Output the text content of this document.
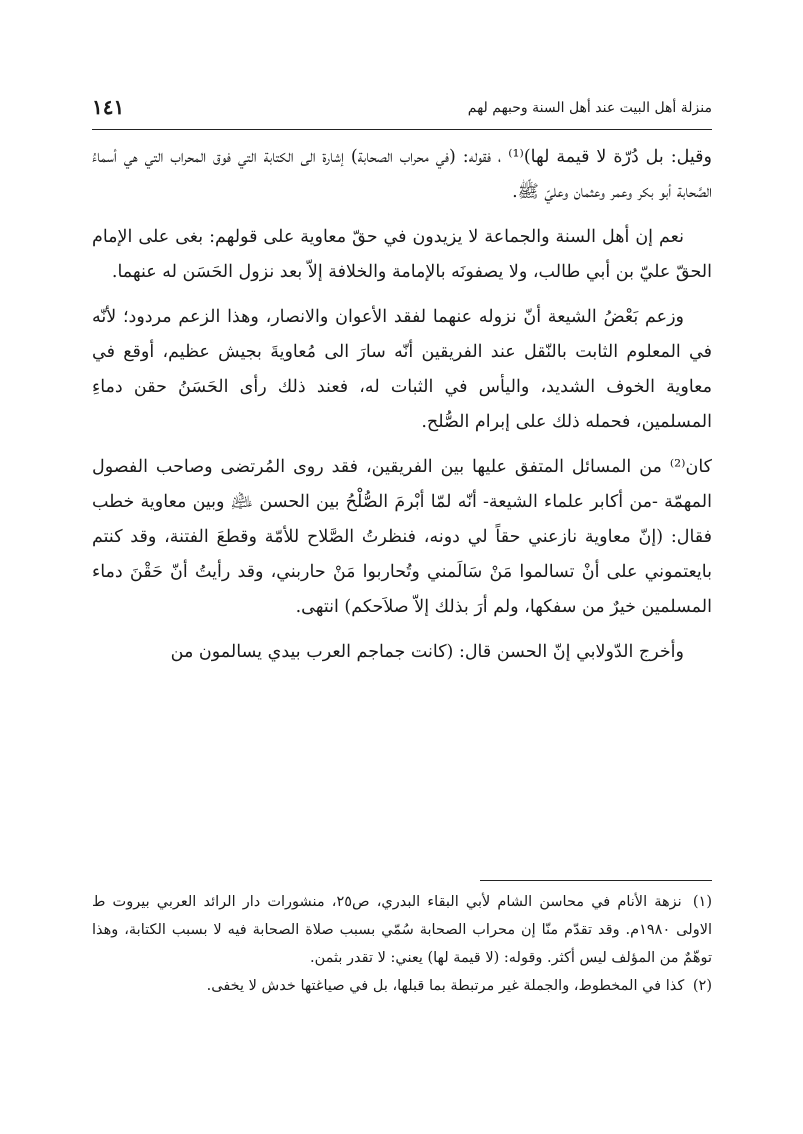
منزلة أهل البيت عند أهل السنة وحبهم لهم
١٤١

وقيل: بل دُرّة لا قيمة لها)⁽¹⁾ ، فقوله: (في محراب الصحابة) إشارة الى الكتابة التي فوق المحراب التي هي أسماءُ الصَّحابة أبو بكر وعمر وعثمان وعليّ ﷺ.

نعم إن أهل السنة والجماعة لا يزيدون في حقّ معاوية على قولهم: بغى على الإمام الحقّ عليّ بن أبي طالب، ولا يصفونَه بالإمامة والخلافة إلاّ بعد نزول الحَسَن له عنهما.

وزعم بَعْضُ الشيعة أنّ نزوله عنهما لفقد الأعوان والانصار، وهذا الزعم مردود؛ لأنّه في المعلوم الثابت بالنّقل عند الفريقين أنّه سارَ الى مُعاويةَ بجيش عظيم، أوقع في معاوية الخوف الشديد، واليأس في الثبات له، فعند ذلك رأى الحَسَنُ حقن دماءِ المسلمين، فحمله ذلك على إبرام الصُّلح.

كان⁽²⁾ من المسائل المتفق عليها بين الفريقين، فقد روى المُرتضى وصاحب الفصول المهمّة -من أكابر علماء الشيعة- أنّه لمّا أبْرمَ الصُّلْحُ بين الحسن ﵇ وبين معاوية خطب فقال: (إنّ معاوية نازعني حقاً لي دونه، فنظرتُ الصَّلاح للأمّة وقطعَ الفتنة، وقد كنتم بايعتموني على أنْ تسالموا مَنْ سَالَمني وتُحاربوا مَنْ حاربني، وقد رأيتُ أنّ حَقْنَ دماء المسلمين خيرٌ من سفكها، ولم أرَ بذلك إلاّ صلاَحكم) انتهى.

وأخرج الدّولابي إنّ الحسن قال: (كانت جماجم العرب بيدي يسالمون من

(١) نزهة الأنام في محاسن الشام لأبي البقاء البدري، ص٢٥، منشورات دار الرائد العربي بيروت ط الاولى ١٩٨٠م. وقد تقدّم منّا إن محراب الصحابة سُمّي بسبب صلاة الصحابة فيه لا بسبب الكتابة، وهذا توهّمٌ من المؤلف ليس أكثر. وقوله: (لا قيمة لها) يعني: لا تقدر بثمن.

(٢) كذا في المخطوط، والجملة غير مرتبطة بما قبلها، بل في صياغتها خدش لا يخفى.
